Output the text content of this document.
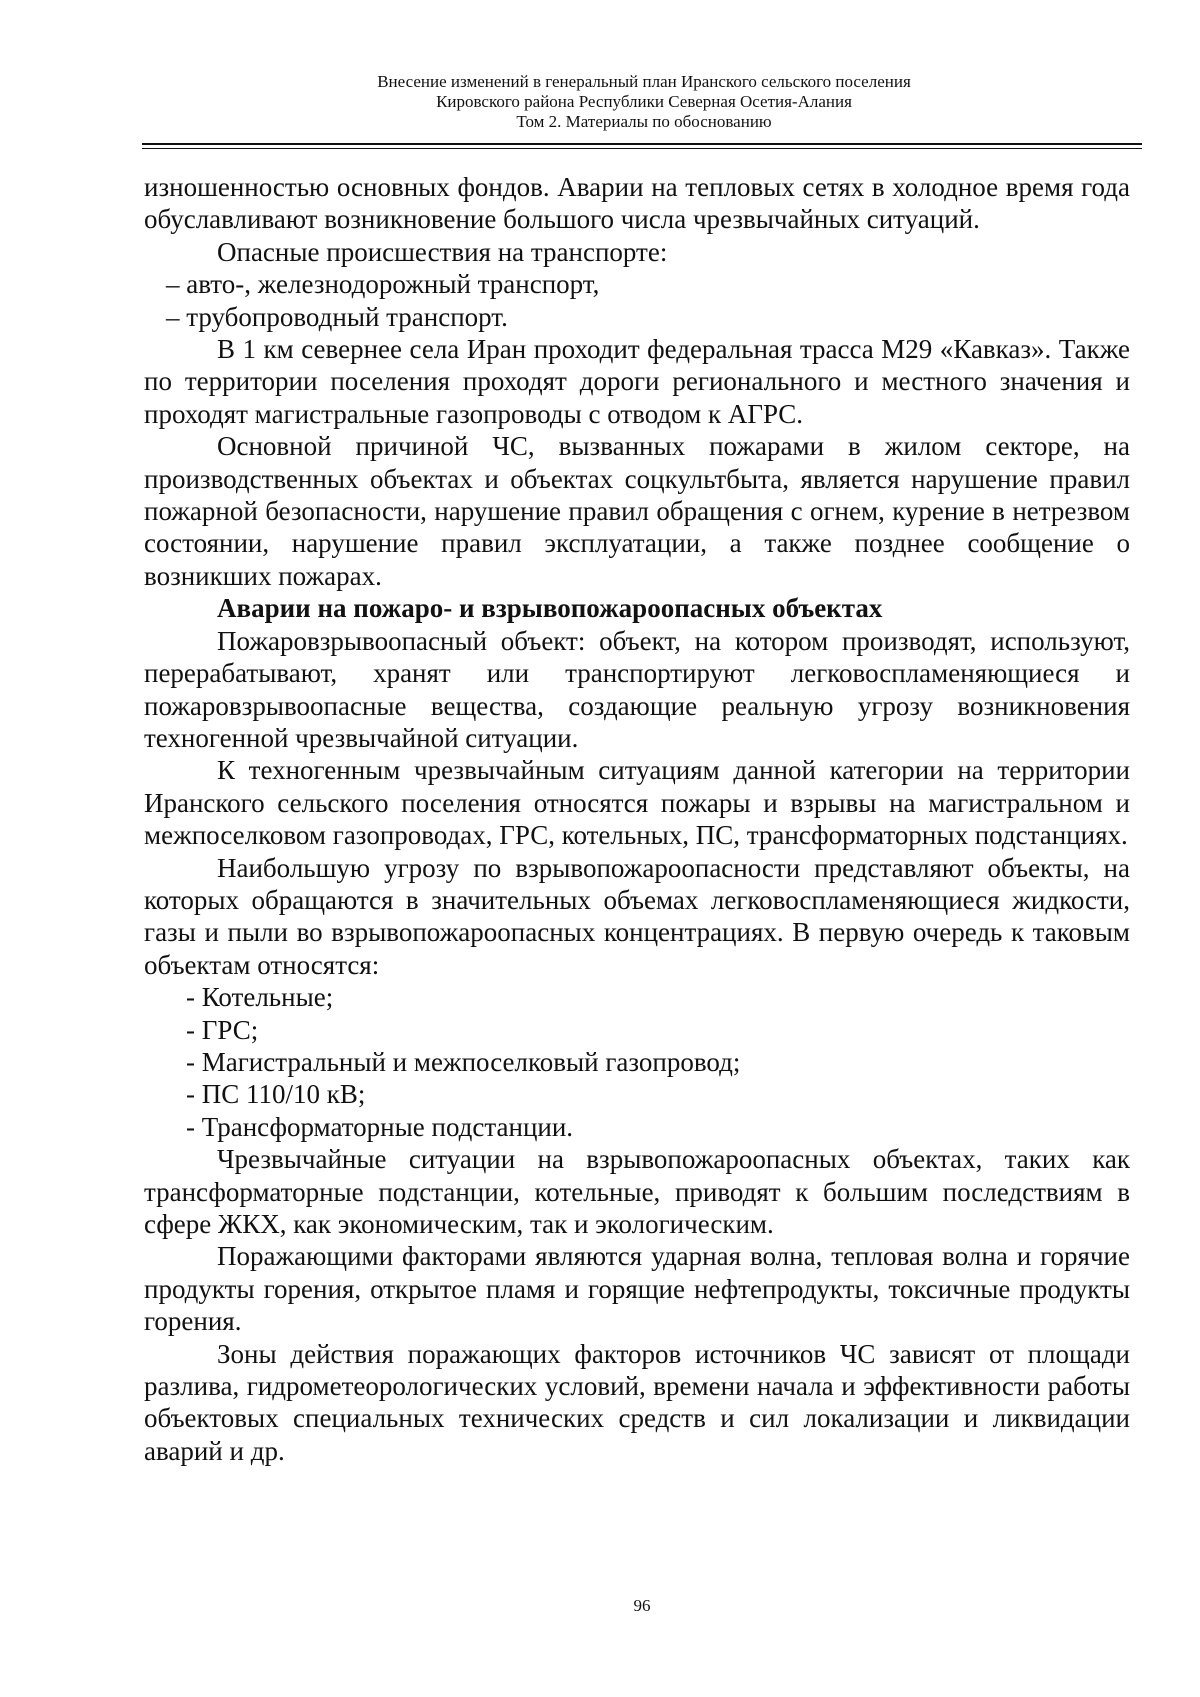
Внесение изменений в генеральный план Иранского сельского поселения
Кировского района Республики Северная Осетия-Алания
Том 2. Материалы по обоснованию

изношенностью основных фондов. Аварии на тепловых сетях в холодное время года обуславливают возникновение большого числа чрезвычайных ситуаций.

Опасные происшествия на транспорте:

– авто-, железнодорожный транспорт,

– трубопроводный транспорт.

В 1 км севернее села Иран проходит федеральная трасса М29 «Кавказ». Также по территории поселения проходят дороги регионального и местного значения и проходят магистральные газопроводы с отводом к АГРС.

Основной причиной ЧС, вызванных пожарами в жилом секторе, на производственных объектах и объектах соцкультбыта, является нарушение правил пожарной безопасности, нарушение правил обращения с огнем, курение в нетрезвом состоянии, нарушение правил эксплуатации, а также позднее сообщение о возникших пожарах.

Аварии на пожаро- и взрывопожароопасных объектах

Пожаровзрывоопасный объект: объект, на котором производят, используют, перерабатывают, хранят или транспортируют легковоспламеняющиеся и пожаровзрывоопасные вещества, создающие реальную угрозу возникновения техногенной чрезвычайной ситуации.

К техногенным чрезвычайным ситуациям данной категории на территории Иранского сельского поселения относятся пожары и взрывы на магистральном и межпоселковом газопроводах, ГРС, котельных, ПС, трансформаторных подстанциях.

Наибольшую угрозу по взрывопожароопасности представляют объекты, на которых обращаются в значительных объемах легковоспламеняющиеся жидкости, газы и пыли во взрывопожароопасных концентрациях. В первую очередь к таковым объектам относятся:

- Котельные;

- ГРС;

- Магистральный и межпоселковый газопровод;

- ПС 110/10 кВ;

- Трансформаторные подстанции.

Чрезвычайные ситуации на взрывопожароопасных объектах, таких как трансформаторные подстанции, котельные, приводят к большим последствиям в сфере ЖКХ, как экономическим, так и экологическим.

Поражающими факторами являются ударная волна, тепловая волна и горячие продукты горения, открытое пламя и горящие нефтепродукты, токсичные продукты горения.

Зоны действия поражающих факторов источников ЧС зависят от площади разлива, гидрометеорологических условий, времени начала и эффективности работы объектовых специальных технических средств и сил локализации и ликвидации аварий и др.

96
